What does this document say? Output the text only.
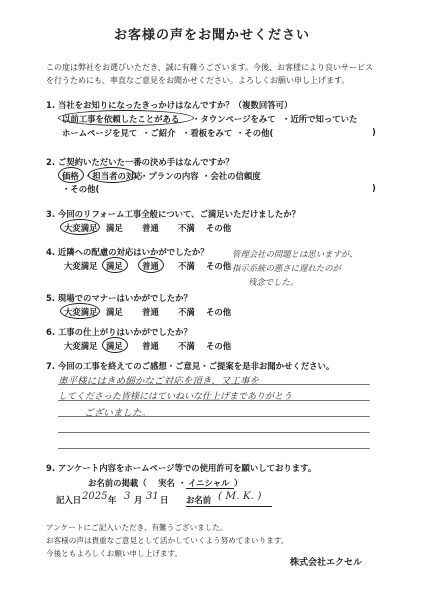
お客様の声をお聞かせください
この度は弊社をお選びいただき、誠に有難うございます。今後、お客様により良いサービス
を行うためにも、率直なご意見をお聞かせください。よろしくお願い申し上げます。
1. 当社をお知りになったきっかけはなんですか？（複数回答可）
以前工事を依頼したことがある ・タウンページをみて ・近所で知っていた
ホームページを見て ・ご紹介 ・看板をみて ・その他(	)
2. ご契約いただいた一番の決め手はなんですか？
価格 ・担当者の対応
・プランの内容 ・会社の信頼度
・その他(	)
3. 今回のリフォーム工事全般について、ご満足いただけましたか？
大変満足 満足 普通 不満 その他
4. 近隣への配慮の対応はいかがでしたか？
大変満足 満足 普通 不満 その他
管理会社の問題とは思いますが、
指示系統の悪さに遅れたのが
残念でした。
5. 現場でのマナーはいかがでしたか？
大変満足 満足 普通 不満 その他
6. 工事の仕上がりはいかがでしたか？
大変満足 満足 普通 不満 その他
7. 今回の工事を終えてのご感想・ご意見・ご提案を是非お聞かせください。
奥平様にはきめ細かなご対応を頂き、又工事を
してくださった皆様にはていねいな仕上げまでありがとう
ございました。
9. アンケート内容をホームページ等での使用許可を願いしております。
お名前の掲載（ 実名 ・ イニシャル ）
記入日 2025 年 3 月 31 日 お名前 ( M. K. )
アンケートにご記入いただき、有難うございました。
お客様の声は貴重なご意見として活かしていくよう努めてまいります。
今後ともよろしくお願い申し上げます。
株式会社エクセル
